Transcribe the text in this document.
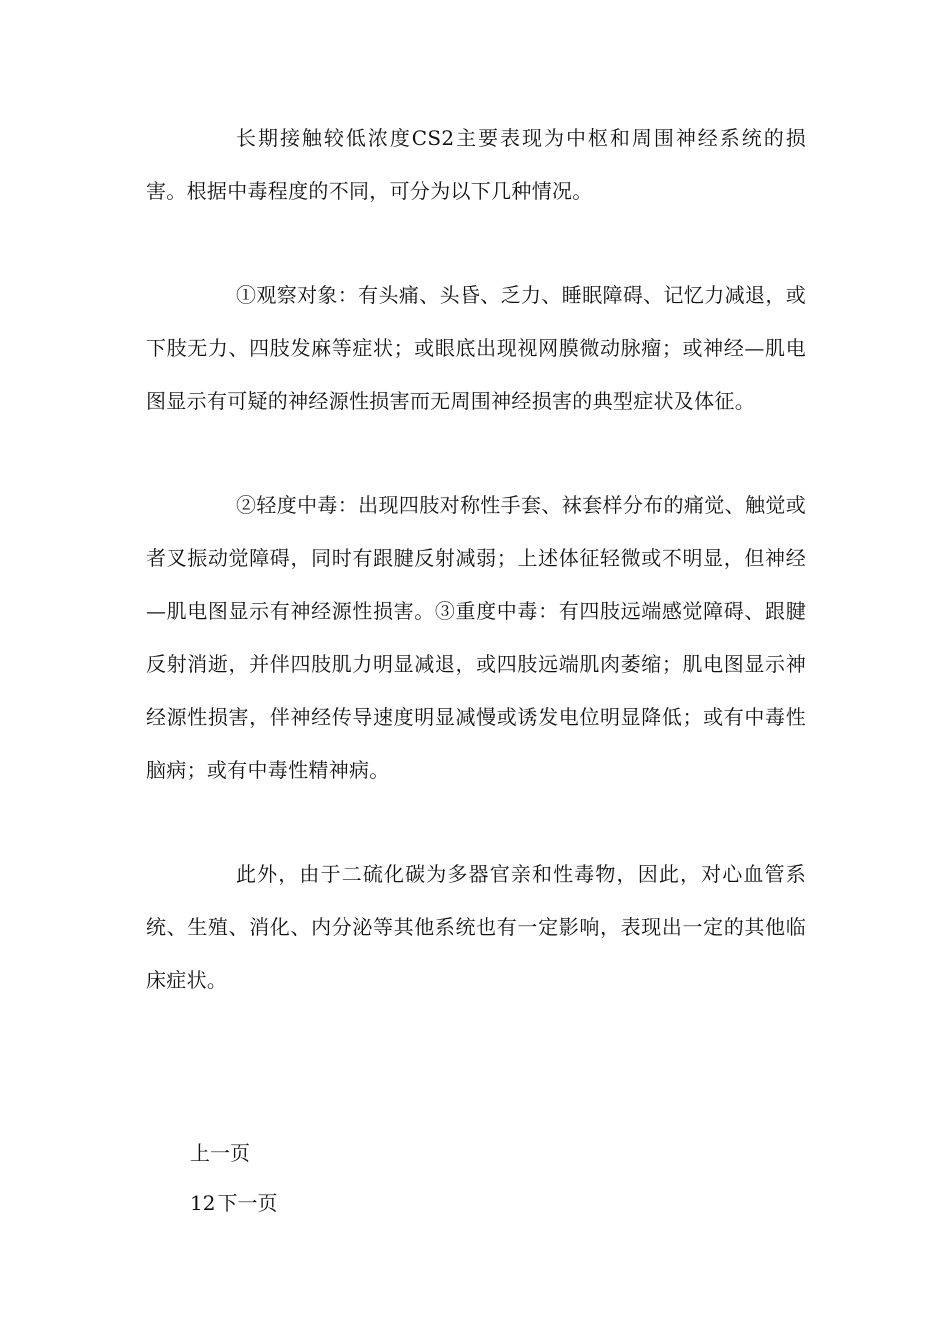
长期接触较低浓度CS2主要表现为中枢和周围神经系统的损害。根据中毒程度的不同，可分为以下几种情况。

①观察对象：有头痛、头昏、乏力、睡眠障碍、记忆力减退，或下肢无力、四肢发麻等症状；或眼底出现视网膜微动脉瘤；或神经—肌电图显示有可疑的神经源性损害而无周围神经损害的典型症状及体征。

②轻度中毒：出现四肢对称性手套、袜套样分布的痛觉、触觉或者叉振动觉障碍，同时有跟腱反射减弱；上述体征轻微或不明显，但神经—肌电图显示有神经源性损害。③重度中毒：有四肢远端感觉障碍、跟腱反射消逝，并伴四肢肌力明显减退，或四肢远端肌肉萎缩；肌电图显示神经源性损害，伴神经传导速度明显减慢或诱发电位明显降低；或有中毒性脑病；或有中毒性精神病。

此外，由于二硫化碳为多器官亲和性毒物，因此，对心血管系统、生殖、消化、内分泌等其他系统也有一定影响，表现出一定的其他临床症状。

上一页
12 下一页
